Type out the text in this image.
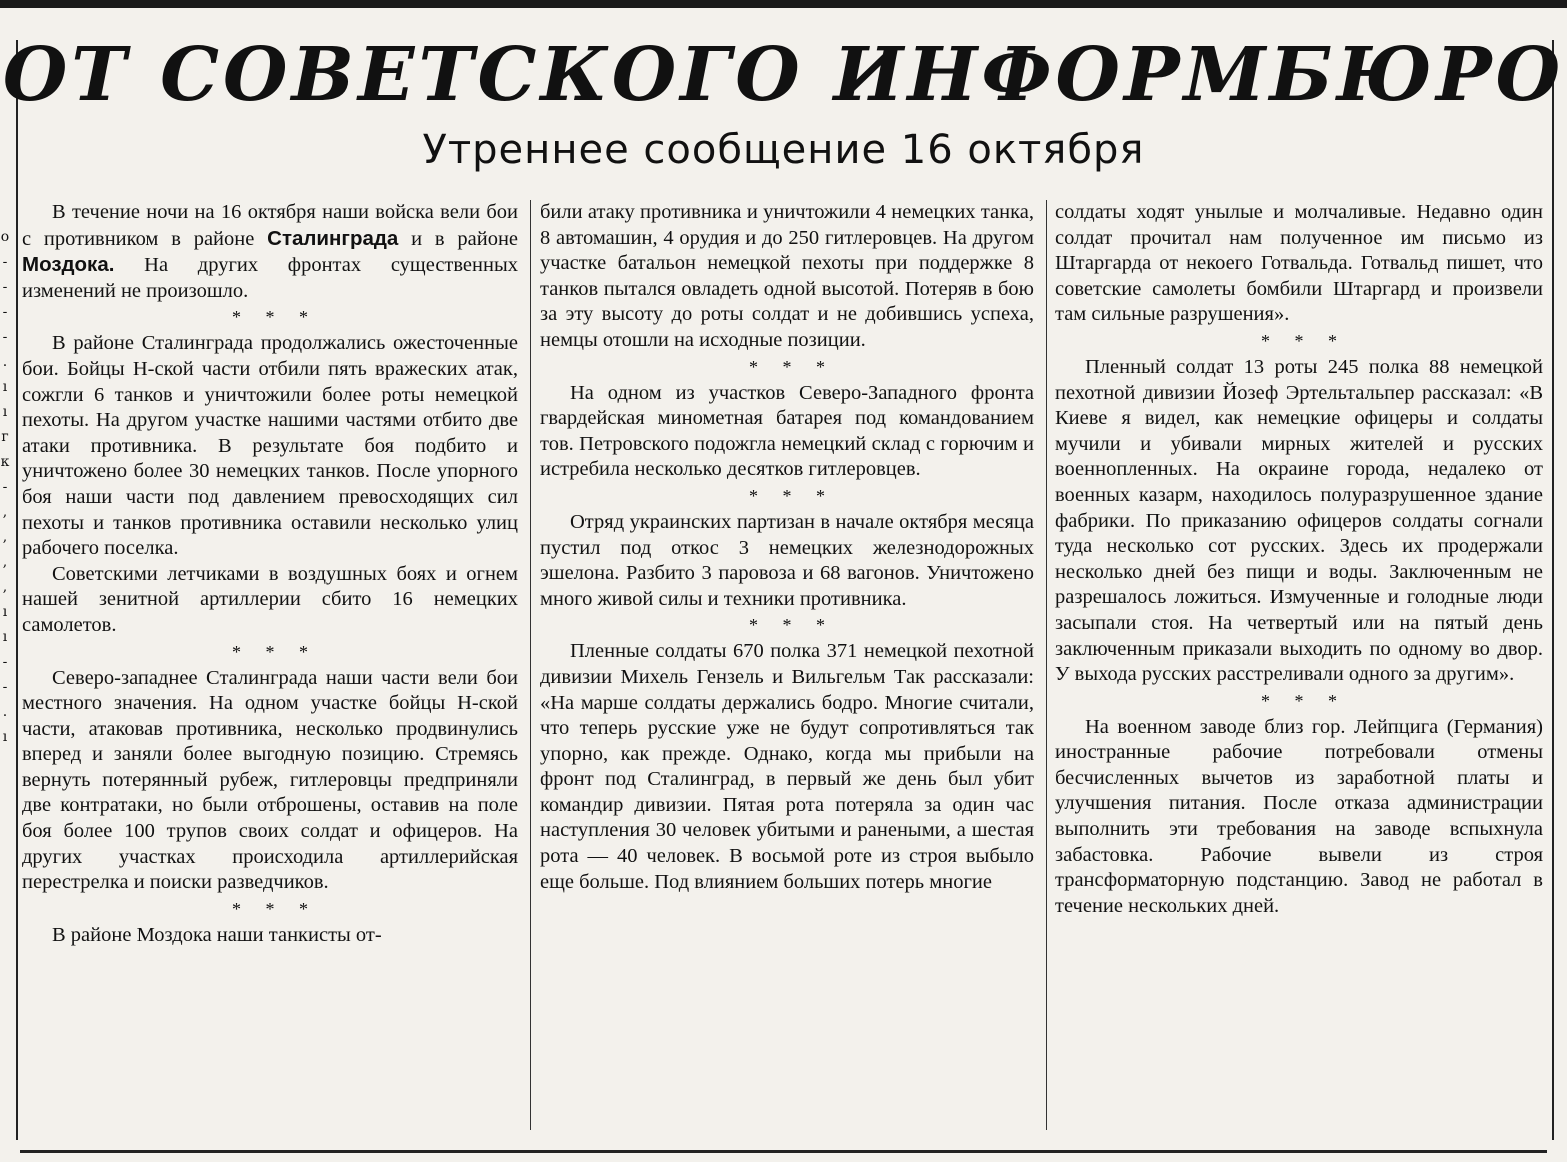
о
-
-
-
-
.
ı
ı
г
к
-
,
,
,
,
ı
ı
-
-
.
ı
ОТ СОВЕТСКОГО ИНФОРМБЮРО
Утреннее сообщение 16 октября

В течение ночи на 16 октября наши войска вели бои с противником в районе Сталинграда и в районе Моздока. На других фронтах существенных изменений не произошло.

* * *

В районе Сталинграда продолжались ожесточенные бои. Бойцы Н-ской части отбили пять вражеских атак, сожгли 6 танков и уничтожили более роты немецкой пехоты. На другом участке нашими частями отбито две атаки противника. В результате боя подбито и уничтожено более 30 немецких танков. После упорного боя наши части под давлением превосходящих сил пехоты и танков противника оставили несколько улиц рабочего поселка.

Советскими летчиками в воздушных боях и огнем нашей зенитной артиллерии сбито 16 немецких самолетов.

* * *

Северо-западнее Сталинграда наши части вели бои местного значения. На одном участке бойцы Н-ской части, атаковав противника, несколько продвинулись вперед и заняли более выгодную позицию. Стремясь вернуть потерянный рубеж, гитлеровцы предприняли две контратаки, но были отброшены, оставив на поле боя более 100 трупов своих солдат и офицеров. На других участках происходила артиллерийская перестрелка и поиски разведчиков.

* * *

В районе Моздока наши танкисты от-

били атаку противника и уничтожили 4 немецких танка, 8 автомашин, 4 орудия и до 250 гитлеровцев. На другом участке батальон немецкой пехоты при поддержке 8 танков пытался овладеть одной высотой. Потеряв в бою за эту высоту до роты солдат и не добившись успеха, немцы отошли на исходные позиции.

* * *

На одном из участков Северо-Западного фронта гвардейская минометная батарея под командованием тов. Петровского подожгла немецкий склад с горючим и истребила несколько десятков гитлеровцев.

* * *

Отряд украинских партизан в начале октября месяца пустил под откос 3 немецких железнодорожных эшелона. Разбито 3 паровоза и 68 вагонов. Уничтожено много живой силы и техники противника.

* * *

Пленные солдаты 670 полка 371 немецкой пехотной дивизии Михель Гензель и Вильгельм Так рассказали: «На марше солдаты держались бодро. Многие считали, что теперь русские уже не будут сопротивляться так упорно, как прежде. Однако, когда мы прибыли на фронт под Сталинград, в первый же день был убит командир дивизии. Пятая рота потеряла за один час наступления 30 человек убитыми и ранеными, а шестая рота — 40 человек. В восьмой роте из строя выбыло еще больше. Под влиянием больших потерь многие

солдаты ходят унылые и молчаливые. Недавно один солдат прочитал нам полученное им письмо из Штаргарда от некоего Готвальда. Готвальд пишет, что советские самолеты бомбили Штаргард и произвели там сильные разрушения».

* * *

Пленный солдат 13 роты 245 полка 88 немецкой пехотной дивизии Йозеф Эртельтальпер рассказал: «В Киеве я видел, как немецкие офицеры и солдаты мучили и убивали мирных жителей и русских военнопленных. На окраине города, недалеко от военных казарм, находилось полуразрушенное здание фабрики. По приказанию офицеров солдаты согнали туда несколько сот русских. Здесь их продержали несколько дней без пищи и воды. Заключенным не разрешалось ложиться. Измученные и голодные люди засыпали стоя. На четвертый или на пятый день заключенным приказали выходить по одному во двор. У выхода русских расстреливали одного за другим».

* * *

На военном заводе близ гор. Лейпцига (Германия) иностранные рабочие потребовали отмены бесчисленных вычетов из заработной платы и улучшения питания. После отказа администрации выполнить эти требования на заводе вспыхнула забастовка. Рабочие вывели из строя трансформаторную подстанцию. Завод не работал в течение нескольких дней.
